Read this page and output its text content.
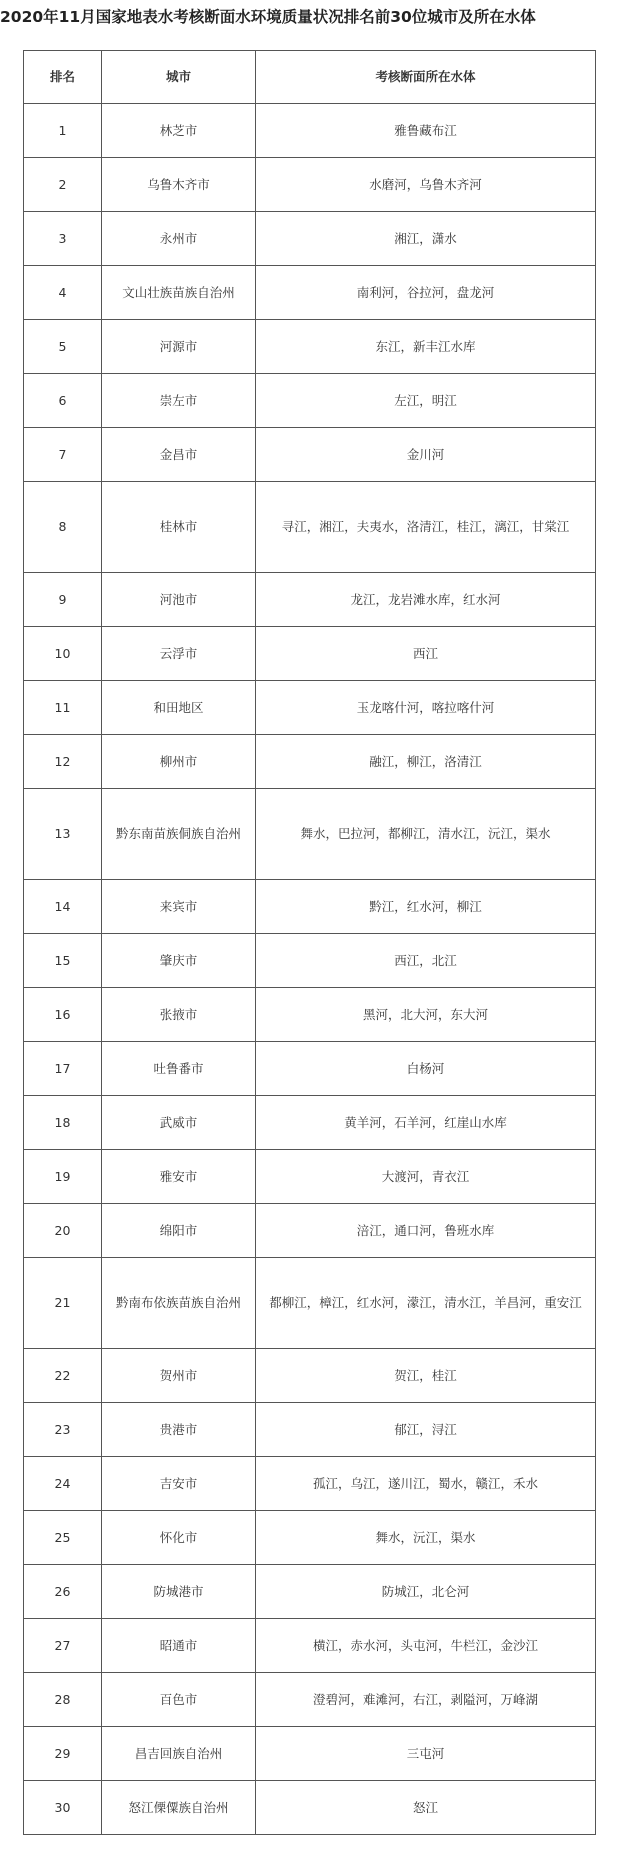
2020年11月国家地表水考核断面水环境质量状况排名前30位城市及所在水体
排名	城市	考核断面所在水体
1	林芝市	雅鲁藏布江
2	乌鲁木齐市	水磨河，乌鲁木齐河
3	永州市	湘江，潇水
4	文山壮族苗族自治州	南利河，谷拉河，盘龙河
5	河源市	东江，新丰江水库
6	崇左市	左江，明江
7	金昌市	金川河
8	桂林市	寻江，湘江，夫夷水，洛清江，桂江，漓江，甘棠江
9	河池市	龙江，龙岩滩水库，红水河
10	云浮市	西江
11	和田地区	玉龙喀什河，喀拉喀什河
12	柳州市	融江，柳江，洛清江
13	黔东南苗族侗族自治州	舞水，巴拉河，都柳江，清水江，沅江，渠水
14	来宾市	黔江，红水河，柳江
15	肇庆市	西江，北江
16	张掖市	黑河，北大河，东大河
17	吐鲁番市	白杨河
18	武威市	黄羊河，石羊河，红崖山水库
19	雅安市	大渡河，青衣江
20	绵阳市	涪江，通口河，鲁班水库
21	黔南布依族苗族自治州	都柳江，樟江，红水河，濛江，清水江，羊昌河，重安江
22	贺州市	贺江，桂江
23	贵港市	郁江，浔江
24	吉安市	孤江，乌江，遂川江，蜀水，赣江，禾水
25	怀化市	舞水，沅江，渠水
26	防城港市	防城江，北仑河
27	昭通市	横江，赤水河，头屯河，牛栏江，金沙江
28	百色市	澄碧河，难滩河，右江，剥隘河，万峰湖
29	昌吉回族自治州	三屯河
30	怒江傈僳族自治州	怒江
